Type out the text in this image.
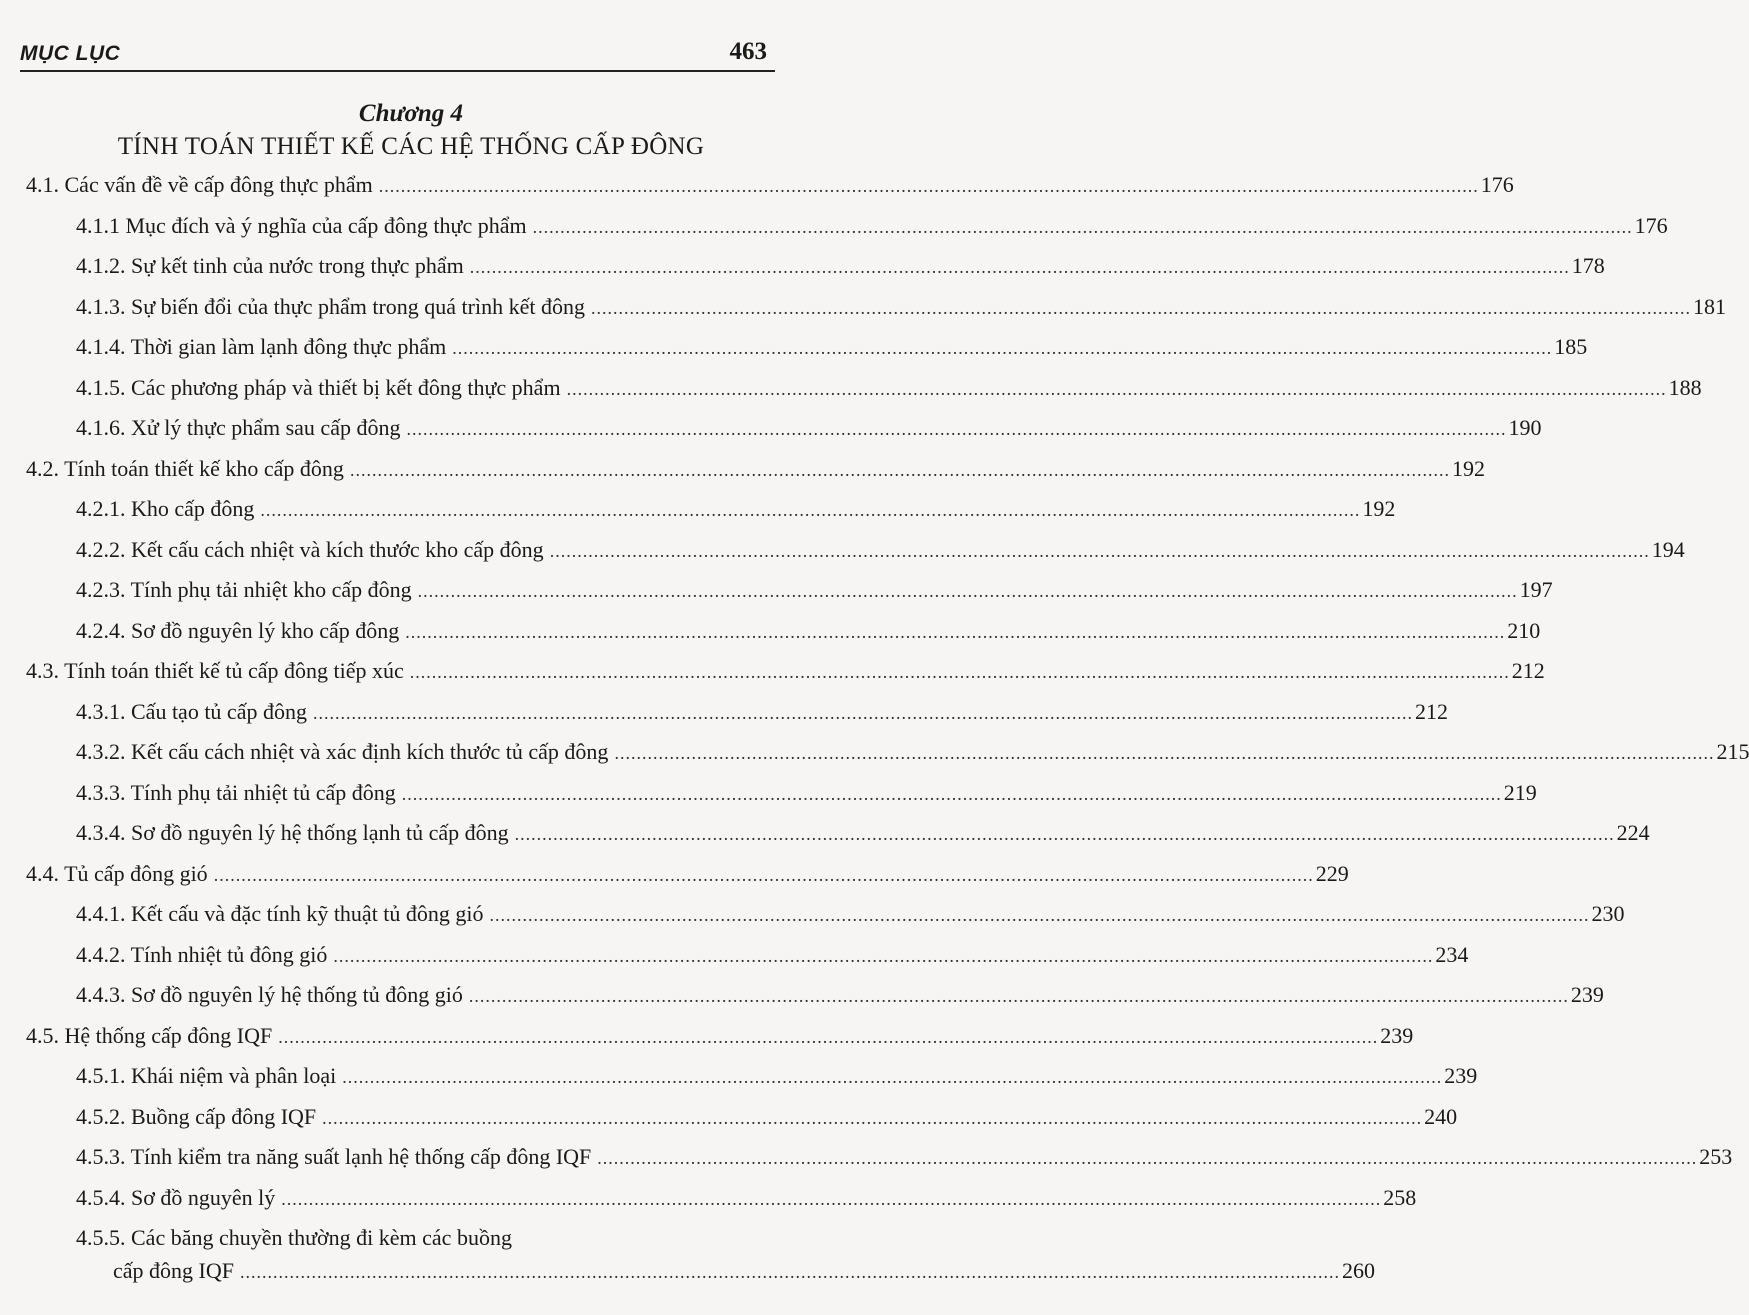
MỤC LỤC	463
Chương 4
TÍNH TOÁN THIẾT KẾ CÁC HỆ THỐNG CẤP ĐÔNG
4.1. Các vấn đề về cấp đông thực phẩm ........................................................................................................................................................................................................ 176
4.1.1 Mục đích và ý nghĩa của cấp đông thực phẩm ........................................................................................................................................................................................................ 176
4.1.2. Sự kết tinh của nước trong thực phẩm ........................................................................................................................................................................................................ 178
4.1.3. Sự biến đổi của thực phẩm trong quá trình kết đông ........................................................................................................................................................................................................ 181
4.1.4. Thời gian làm lạnh đông thực phẩm ........................................................................................................................................................................................................ 185
4.1.5. Các phương pháp và thiết bị kết đông thực phẩm ........................................................................................................................................................................................................ 188
4.1.6. Xử lý thực phẩm sau cấp đông ........................................................................................................................................................................................................ 190
4.2. Tính toán thiết kế kho cấp đông ........................................................................................................................................................................................................ 192
4.2.1. Kho cấp đông ........................................................................................................................................................................................................ 192
4.2.2. Kết cấu cách nhiệt và kích thước kho cấp đông ........................................................................................................................................................................................................ 194
4.2.3. Tính phụ tải nhiệt kho cấp đông ........................................................................................................................................................................................................ 197
4.2.4. Sơ đồ nguyên lý kho cấp đông ........................................................................................................................................................................................................ 210
4.3. Tính toán thiết kế tủ cấp đông tiếp xúc ........................................................................................................................................................................................................ 212
4.3.1. Cấu tạo tủ cấp đông ........................................................................................................................................................................................................ 212
4.3.2. Kết cấu cách nhiệt và xác định kích thước tủ cấp đông ........................................................................................................................................................................................................ 215
4.3.3. Tính phụ tải nhiệt tủ cấp đông ........................................................................................................................................................................................................ 219
4.3.4. Sơ đồ nguyên lý hệ thống lạnh tủ cấp đông ........................................................................................................................................................................................................ 224
4.4. Tủ cấp đông gió ........................................................................................................................................................................................................ 229
4.4.1. Kết cấu và đặc tính kỹ thuật tủ đông gió ........................................................................................................................................................................................................ 230
4.4.2. Tính nhiệt tủ đông gió ........................................................................................................................................................................................................ 234
4.4.3. Sơ đồ nguyên lý hệ thống tủ đông gió ........................................................................................................................................................................................................ 239
4.5. Hệ thống cấp đông IQF ........................................................................................................................................................................................................ 239
4.5.1. Khái niệm và phân loại ........................................................................................................................................................................................................ 239
4.5.2. Buồng cấp đông IQF ........................................................................................................................................................................................................ 240
4.5.3. Tính kiểm tra năng suất lạnh hệ thống cấp đông IQF ........................................................................................................................................................................................................ 253
4.5.4. Sơ đồ nguyên lý ........................................................................................................................................................................................................ 258
4.5.5. Các băng chuyền thường đi kèm các buồng
cấp đông IQF ........................................................................................................................................................................................................ 260
